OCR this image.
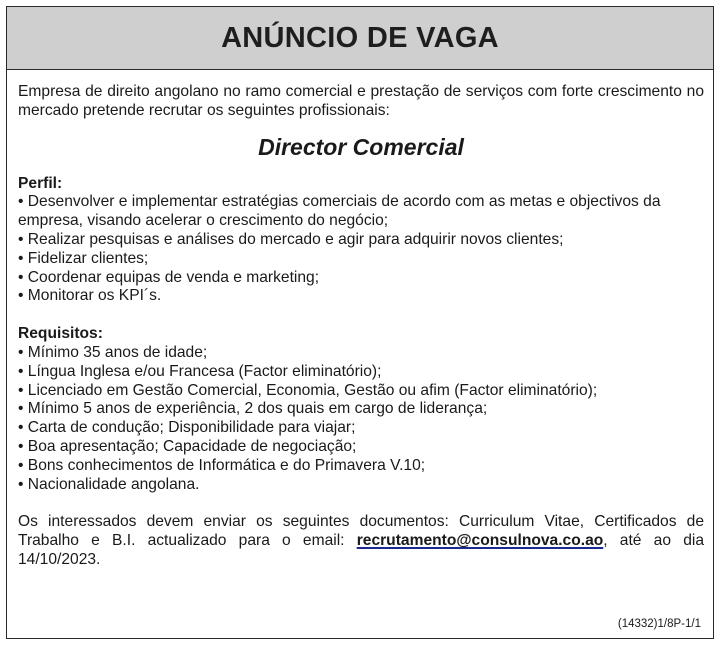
ANÚNCIO DE VAGA

Empresa de direito angolano no ramo comercial e prestação de serviços com forte crescimento no mercado pretende recrutar os seguintes profissionais:

Director Comercial

Perfil:

• Desenvolver e implementar estratégias comerciais de acordo com as metas e objectivos da empresa, visando acelerar o crescimento do negócio;
• Realizar pesquisas e análises do mercado e agir para adquirir novos clientes;
• Fidelizar clientes;
• Coordenar equipas de venda e marketing;
• Monitorar os KPI´s.

Requisitos:

• Mínimo 35 anos de idade;
• Língua Inglesa e/ou Francesa (Factor eliminatório);
• Licenciado em Gestão Comercial, Economia, Gestão ou afim (Factor eliminatório);
• Mínimo 5 anos de experiência, 2 dos quais em cargo de liderança;
• Carta de condução; Disponibilidade para viajar;
• Boa apresentação; Capacidade de negociação;
• Bons conhecimentos de Informática e do Primavera V.10;
• Nacionalidade angolana.

Os interessados devem enviar os seguintes documentos: Curriculum Vitae, Certificados de Trabalho e B.I. actualizado para o email: recrutamento@consulnova.co.ao, até ao dia 14/10/2023.

(14332)1/8P-1/1
